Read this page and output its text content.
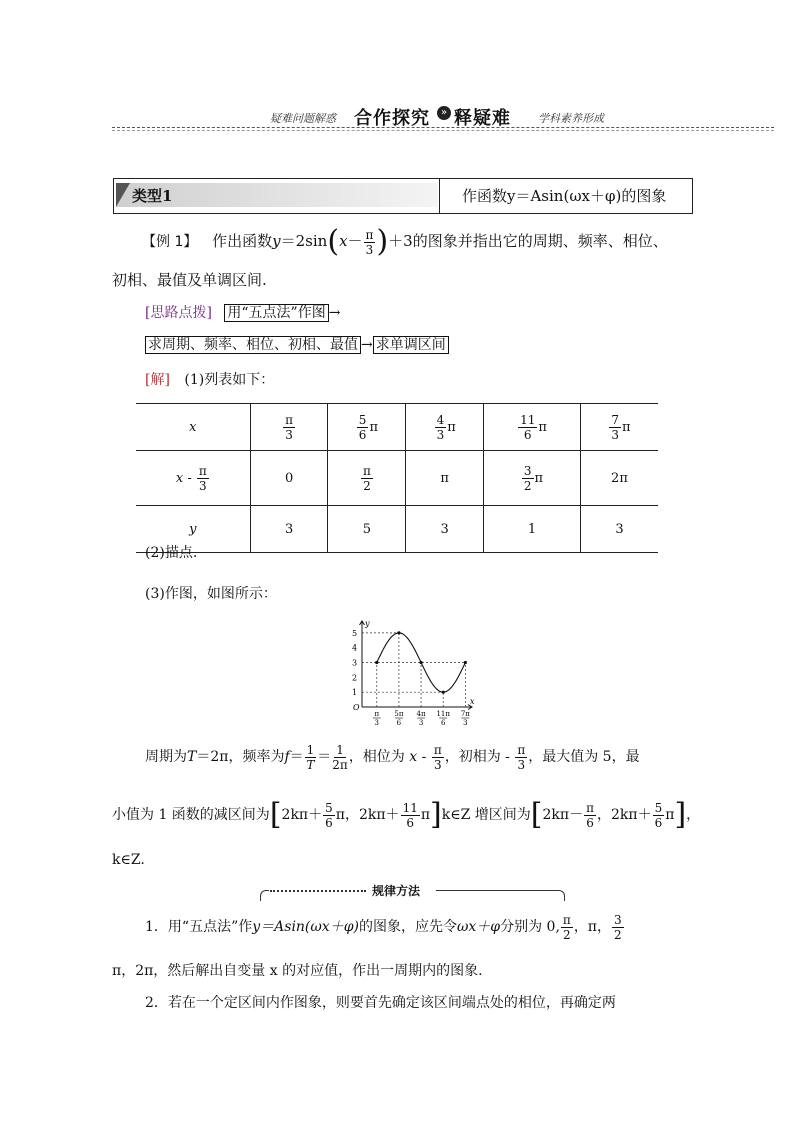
疑难问题解惑 合作探究	» 释疑难 学科素养形成
类型1	作函数y＝Asin(ωx＋φ)的图象
【例 1】 作出函数$y=2\sin(x- \frac{\pi}{3} )+3$的图象并指出它的周期、频率、相位、
初相、最值及单调区间.
[思路点拨] 用“五点法”作图 →
求周期、频率、相位、初相、最值 → 求单调区间
[解] (1)列表如下：
x	$\frac{\pi}{3}$	$\frac{5}{6}$ π	$\frac{4}{3}$ π	$\frac{11}{6}$ π	$\frac{7}{3}$ π
x - $\frac{\pi}{3}$	0	$\frac{\pi}{2}$	π	$\frac{3}{2}$ π	2π
y	3	5	3	1	3
(2)描点.
(3)作图，如图所示：
x
y
O
1
2
3
4
5
π
3
5π
6
4π
3
11π
6
7π
3
周期为T＝2π，频率为$f= \frac{1}{T} = \frac{1}{2\pi}$ ，相位为 x - $\frac{\pi}{3}$ ，初相为 - $\frac{\pi}{3}$ ，最大值为 5，最
小值为 1 函数的减区间为[$2k\pi+ \frac{5}{6}$ π，$2k\pi+ \frac{11}{6}$ π]k∈Z 增区间为[$2k\pi- \frac{\pi}{6}$ ，$2k\pi+ \frac{5}{6} \pi$]，
k∈Z.
规律方法
1．用“五点法”作y＝Asin(ωx＋φ)的图象，应先令ωx＋φ分别为 0, $\frac{\pi}{2}$ ，π， $\frac{3}{2}$
π，2π，然后解出自变量 x 的对应值，作出一周期内的图象.
2．若在一个定区间内作图象，则要首先确定该区间端点处的相位，再确定两
